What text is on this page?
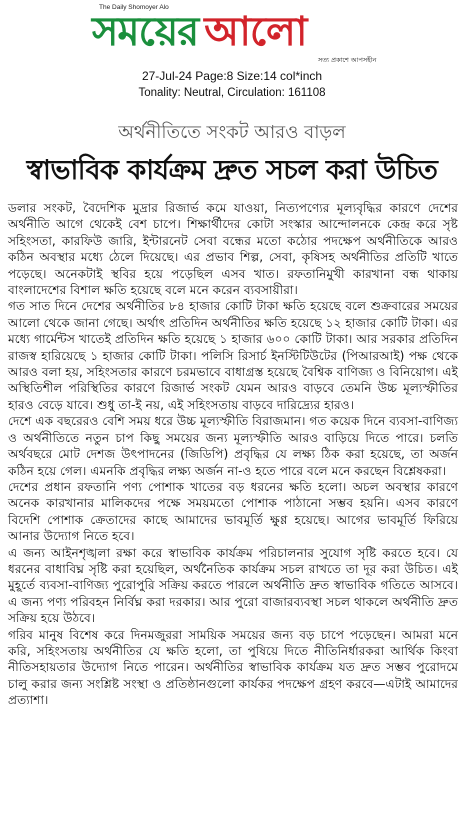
The Daily Shomoyer Alo
সময়ের আলো
সত্য প্রকাশে আপসহীন
27-Jul-24 Page:8 Size:14 col*inch
Tonality: Neutral, Circulation: 161108
অর্থনীতিতে সংকট আরও বাড়ল
স্বাভাবিক কার্যক্রম দ্রুত সচল করা উচিত

ডলার সংকট, বৈদেশিক মুদ্রার রিজার্ভ কমে যাওয়া, নিত্যপণ্যের মূল্যবৃদ্ধির কারণে দেশের অর্থনীতি আগে থেকেই বেশ চাপে। শিক্ষার্থীদের কোটা সংস্কার আন্দোলনকে কেন্দ্র করে সৃষ্ট সহিংসতা, কারফিউ জারি, ইন্টারনেট সেবা বন্ধের মতো কঠোর পদক্ষেপ অর্থনীতিকে আরও কঠিন অবস্থার মধ্যে ঠেলে দিয়েছে। এর প্রভাব শিল্প, সেবা, কৃষিসহ অর্থনীতির প্রতিটি খাতে পড়েছে। অনেকটাই স্থবির হয়ে পড়েছিল এসব খাত। রফতানিমুখী কারখানা বন্ধ থাকায় বাংলাদেশের বিশাল ক্ষতি হয়েছে বলে মনে করেন ব্যবসায়ীরা।

গত সাত দিনে দেশের অর্থনীতির ৮৪ হাজার কোটি টাকা ক্ষতি হয়েছে বলে শুক্রবারের সময়ের আলো থেকে জানা গেছে। অর্থাৎ প্রতিদিন অর্থনীতির ক্ষতি হয়েছে ১২ হাজার কোটি টাকা। এর মধ্যে গার্মেন্টস খাতেই প্রতিদিন ক্ষতি হয়েছে ১ হাজার ৬০০ কোটি টাকা। আর সরকার প্রতিদিন রাজস্ব হারিয়েছে ১ হাজার কোটি টাকা। পলিসি রিসার্চ ইনস্টিটিউটের (পিআরআই) পক্ষ থেকে আরও বলা হয়, সহিংসতার কারণে চরমভাবে বাধাগ্রস্ত হয়েছে বৈশ্বিক বাণিজ্য ও বিনিয়োগ। এই অস্থিতিশীল পরিস্থিতির কারণে রিজার্ভ সংকট যেমন আরও বাড়বে তেমনি উচ্চ মূল্যস্ফীতির হারও বেড়ে যাবে। শুধু তা-ই নয়, এই সহিংসতায় বাড়বে দারিদ্র্যের হারও।

দেশে এক বছরেরও বেশি সময় ধরে উচ্চ মূল্যস্ফীতি বিরাজমান। গত কয়েক দিনে ব্যবসা-বাণিজ্য ও অর্থনীতিতে নতুন চাপ কিছু সময়ের জন্য মূল্যস্ফীতি আরও বাড়িয়ে দিতে পারে। চলতি অর্থবছরে মোট দেশজ উৎপাদনের (জিডিপি) প্রবৃদ্ধির যে লক্ষ্য ঠিক করা হয়েছে, তা অর্জন কঠিন হয়ে গেল। এমনকি প্রবৃদ্ধির লক্ষ্য অর্জন না-ও হতে পারে বলে মনে করছেন বিশ্লেষকরা।

দেশের প্রধান রফতানি পণ্য পোশাক খাতের বড় ধরনের ক্ষতি হলো। অচল অবস্থার কারণে অনেক কারখানার মালিকদের পক্ষে সময়মতো পোশাক পাঠানো সম্ভব হয়নি। এসব কারণে বিদেশি পোশাক ক্রেতাদের কাছে আমাদের ভাবমূর্তি ক্ষুণ্ণ হয়েছে। আগের ভাবমূর্তি ফিরিয়ে আনার উদ্যোগ নিতে হবে।

এ জন্য আইনশৃঙ্খলা রক্ষা করে স্বাভাবিক কার্যক্রম পরিচালনার সুযোগ সৃষ্টি করতে হবে। যে ধরনের বাধাবিঘ্ন সৃষ্টি করা হয়েছিল, অর্থনৈতিক কার্যক্রম সচল রাখতে তা দূর করা উচিত। এই মুহূর্তে ব্যবসা-বাণিজ্য পুরোপুরি সক্রিয় করতে পারলে অর্থনীতি দ্রুত স্বাভাবিক গতিতে আসবে। এ জন্য পণ্য পরিবহন নির্বিঘ্ন করা দরকার। আর পুরো বাজারব্যবস্থা সচল থাকলে অর্থনীতি দ্রুত সক্রিয় হয়ে উঠবে।

গরিব মানুষ বিশেষ করে দিনমজুররা সাময়িক সময়ের জন্য বড় চাপে পড়েছেন। আমরা মনে করি, সহিংসতায় অর্থনীতির যে ক্ষতি হলো, তা পুষিয়ে দিতে নীতিনির্ধারকরা আর্থিক কিংবা নীতিসহায়তার উদ্যোগ নিতে পারেন। অর্থনীতির স্বাভাবিক কার্যক্রম যত দ্রুত সম্ভব পুরোদমে চালু করার জন্য সংশ্লিষ্ট সংস্থা ও প্রতিষ্ঠানগুলো কার্যকর পদক্ষেপ গ্রহণ করবে—এটাই আমাদের প্রত্যাশা।
